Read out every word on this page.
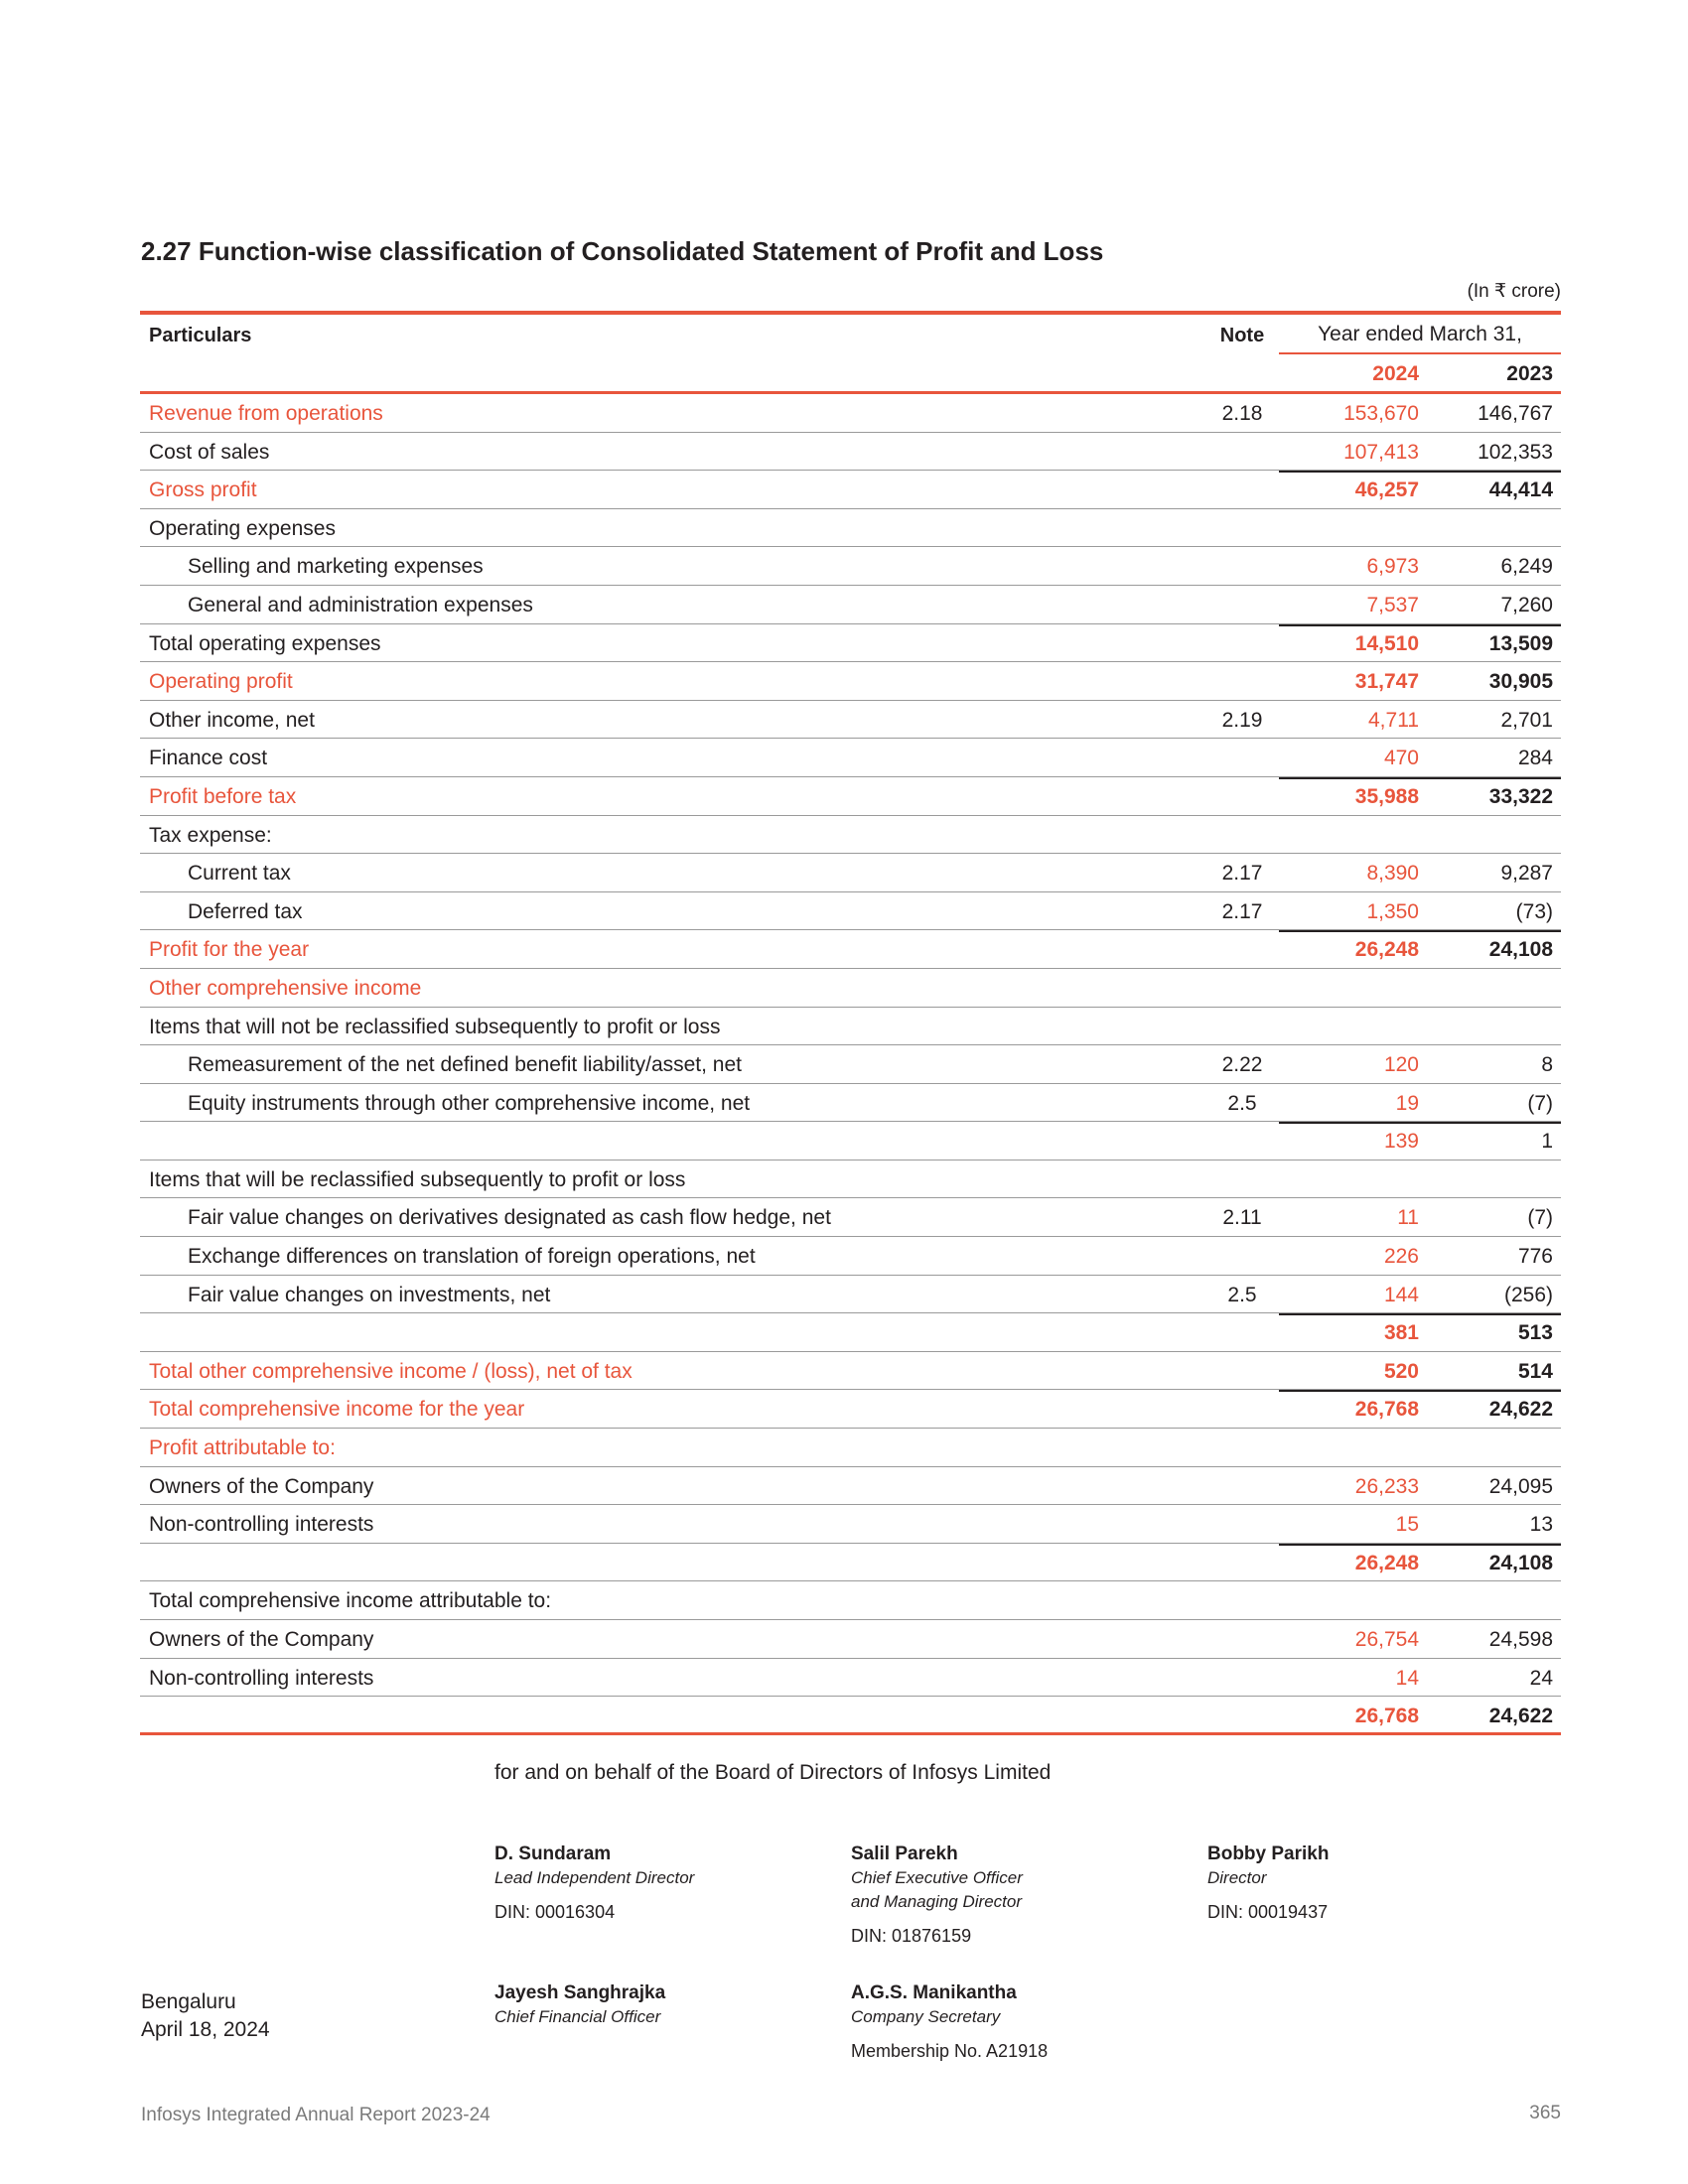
2.27 Function-wise classification of Consolidated Statement of Profit and Loss
(In ₹ crore)
Particulars	Note	Year ended March 31,
2024	2023
Revenue from operations	2.18	153,670	146,767
Cost of sales	107,413	102,353
Gross profit	46,257	44,414
Operating expenses
Selling and marketing expenses	6,973	6,249
General and administration expenses	7,537	7,260
Total operating expenses	14,510	13,509
Operating profit	31,747	30,905
Other income, net	2.19	4,711	2,701
Finance cost	470	284
Profit before tax	35,988	33,322
Tax expense:
Current tax	2.17	8,390	9,287
Deferred tax	2.17	1,350	(73)
Profit for the year	26,248	24,108
Other comprehensive income
Items that will not be reclassified subsequently to profit or loss
Remeasurement of the net defined benefit liability/asset, net	2.22	120	8
Equity instruments through other comprehensive income, net	2.5	19	(7)
139	1
Items that will be reclassified subsequently to profit or loss
Fair value changes on derivatives designated as cash flow hedge, net	2.11	11	(7)
Exchange differences on translation of foreign operations, net	226	776
Fair value changes on investments, net	2.5	144	(256)
381	513
Total other comprehensive income / (loss), net of tax	520	514
Total comprehensive income for the year	26,768	24,622
Profit attributable to:
Owners of the Company	26,233	24,095
Non-controlling interests	15	13
26,248	24,108
Total comprehensive income attributable to:
Owners of the Company	26,754	24,598
Non-controlling interests	14	24
26,768	24,622
for and on behalf of the Board of Directors of Infosys Limited
D. Sundaram
Lead Independent Director
DIN: 00016304
Salil Parekh
Chief Executive Officer
and Managing Director
DIN: 01876159
Bobby Parikh
Director
DIN: 00019437
Jayesh Sanghrajka
Chief Financial Officer
A.G.S. Manikantha
Company Secretary
Membership No. A21918
Bengaluru
April 18, 2024
Infosys Integrated Annual Report 2023-24	365
